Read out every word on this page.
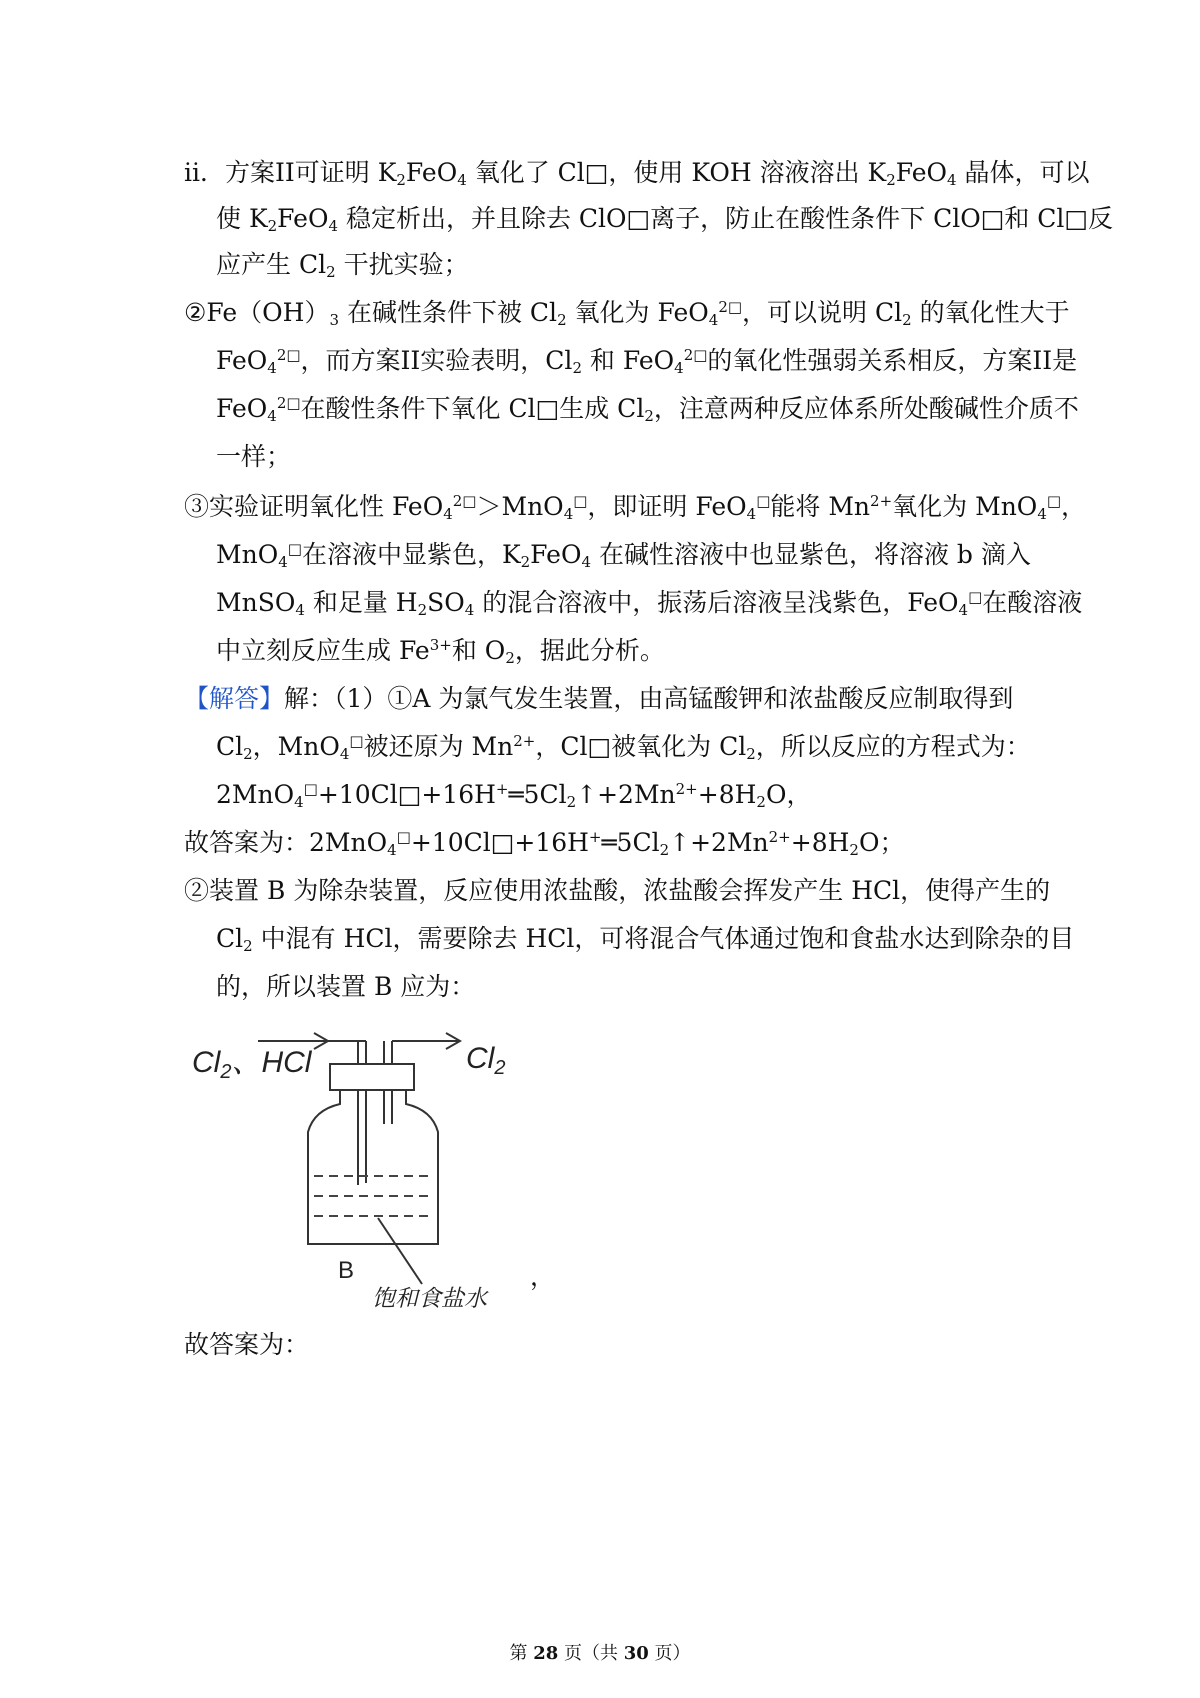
ii．方案II可证明 $K_2FeO_4$ 氧化了 Cl□，使用 KOH 溶液溶出 $K_2FeO_4$ 晶体，可以
使 $K_2FeO_4$ 稳定析出，并且除去 ClO□离子，防止在酸性条件下 ClO□和 Cl□反
应产生 $Cl_2$ 干扰实验；
$②Fe(OH)_3$ 在碱性条件下被 $Cl_2$ 氧化为 FeO$_4^{2□}$，可以说明 $Cl_2$ 的氧化性大于
FeO$_4^{2□}$，而方案II实验表明，$Cl_2$ 和 FeO$_4^{2□}$的氧化性强弱关系相反，方案II是
FeO$_4^{2□}$在酸性条件下氧化 Cl□生成 $Cl_2$，注意两种反应体系所处酸碱性介质不
一样；
③实验证明氧化性 FeO$_4^{2□}$＞MnO$_4$□，即证明 FeO$_4$□能将 $Mn^{2+}$氧化为 MnO$_4$□，
MnO$_4$□在溶液中显紫色，$K_2FeO_4$ 在碱性溶液中也显紫色，将溶液 b 滴入
MnSO$_4$ 和足量 $H_2SO_4$ 的混合溶液中，振荡后溶液呈浅紫色，FeO$_4$□在酸溶液
中立刻反应生成 $Fe^{3+}$和 $O_2$，据此分析。
【解答】解：（1）①A 为氯气发生装置，由高锰酸钾和浓盐酸反应制取得到
$Cl_2$，MnO$_4$□被还原为 $Mn^{2+}$，Cl□被氧化为 $Cl_2$，所以反应的方程式为：
$2MnO_4^□+10Cl□+16H^+═5Cl_2↑+2Mn^{2+}+8H_2O$，
故答案为：$2MnO_4^□+10Cl□+16H^+═5Cl_2↑+2Mn^{2+}+8H_2O$；
②装置 B 为除杂装置，反应使用浓盐酸，浓盐酸会挥发产生 HCl，使得产生的
$Cl_2$ 中混有 HCl，需要除去 HCl，可将混合气体通过饱和食盐水达到除杂的目
的，所以装置 B 应为：
$Cl_2$、HCl	$Cl_2$
B
饱和食盐水
，
故答案为：
第 28 页（共 30 页）
